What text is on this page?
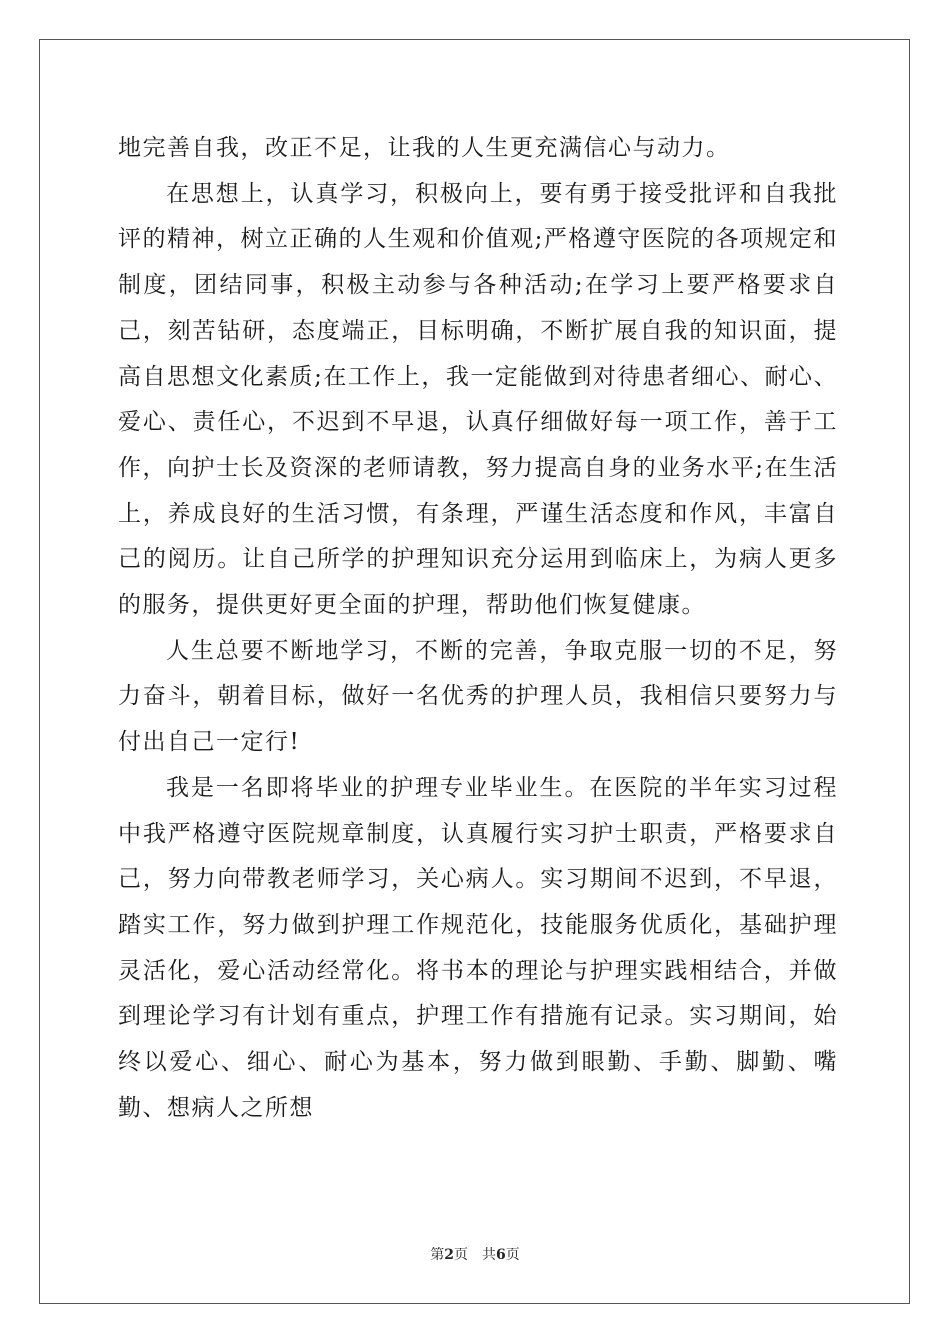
地完善自我，改正不足，让我的人生更充满信心与动力。

在思想上，认真学习，积极向上，要有勇于接受批评和自我批评的精神，树立正确的人生观和价值观;严格遵守医院的各项规定和制度，团结同事，积极主动参与各种活动;在学习上要严格要求自己，刻苦钻研，态度端正，目标明确，不断扩展自我的知识面，提高自思想文化素质;在工作上，我一定能做到对待患者细心、耐心、爱心、责任心，不迟到不早退，认真仔细做好每一项工作，善于工作，向护士长及资深的老师请教，努力提高自身的业务水平;在生活上，养成良好的生活习惯，有条理，严谨生活态度和作风，丰富自己的阅历。让自己所学的护理知识充分运用到临床上，为病人更多的服务，提供更好更全面的护理，帮助他们恢复健康。

人生总要不断地学习，不断的完善，争取克服一切的不足，努力奋斗，朝着目标，做好一名优秀的护理人员，我相信只要努力与付出自己一定行!

我是一名即将毕业的护理专业毕业生。在医院的半年实习过程中我严格遵守医院规章制度，认真履行实习护士职责，严格要求自己，努力向带教老师学习，关心病人。实习期间不迟到，不早退，踏实工作，努力做到护理工作规范化，技能服务优质化，基础护理灵活化，爱心活动经常化。将书本的理论与护理实践相结合，并做到理论学习有计划有重点，护理工作有措施有记录。实习期间，始终以爱心、细心、耐心为基本，努力做到眼勤、手勤、脚勤、嘴勤、想病人之所想

第2页 共6页
